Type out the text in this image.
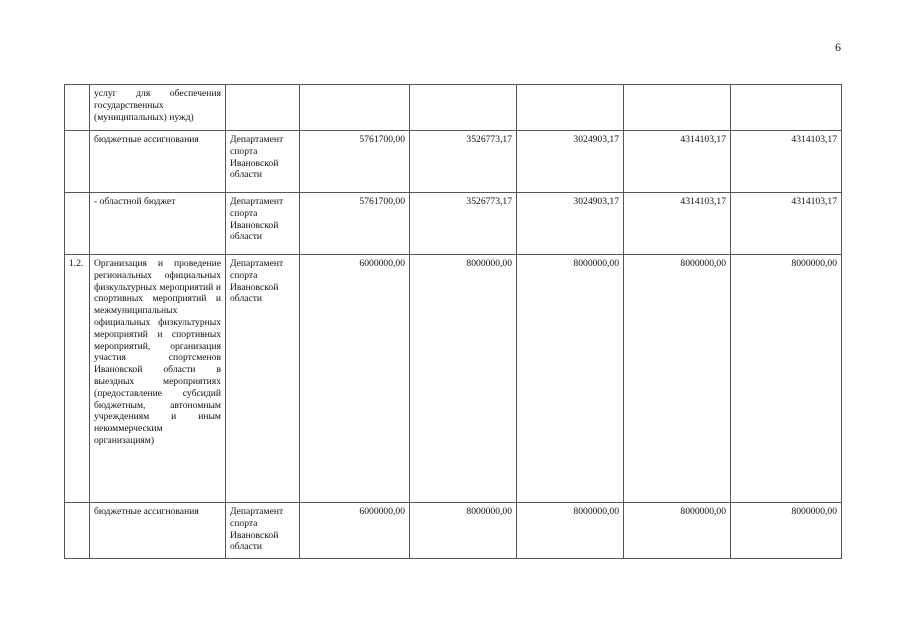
6
	услуг для обеспечения государственных (муниципальных) нужд)						
	бюджетные ассигнования	Департамент спорта Ивановской области	5761700,00	3526773,17	3024903,17	4314103,17	4314103,17
	- областной бюджет	Департамент спорта Ивановской области	5761700,00	3526773,17	3024903,17	4314103,17	4314103,17
1.2.	Организация и проведение региональных официальных физкультурных мероприятий и спортивных мероприятий и межмуниципальных официальных физкультурных мероприятий и спортивных мероприятий, организация участия спортсменов Ивановской области в выездных мероприятиях (предоставление субсидий бюджетным, автономным учреждениям и иным некоммерческим организациям)	Департамент спорта Ивановской области	6000000,00	8000000,00	8000000,00	8000000,00	8000000,00
	бюджетные ассигнования	Департамент спорта Ивановской области	6000000,00	8000000,00	8000000,00	8000000,00	8000000,00
